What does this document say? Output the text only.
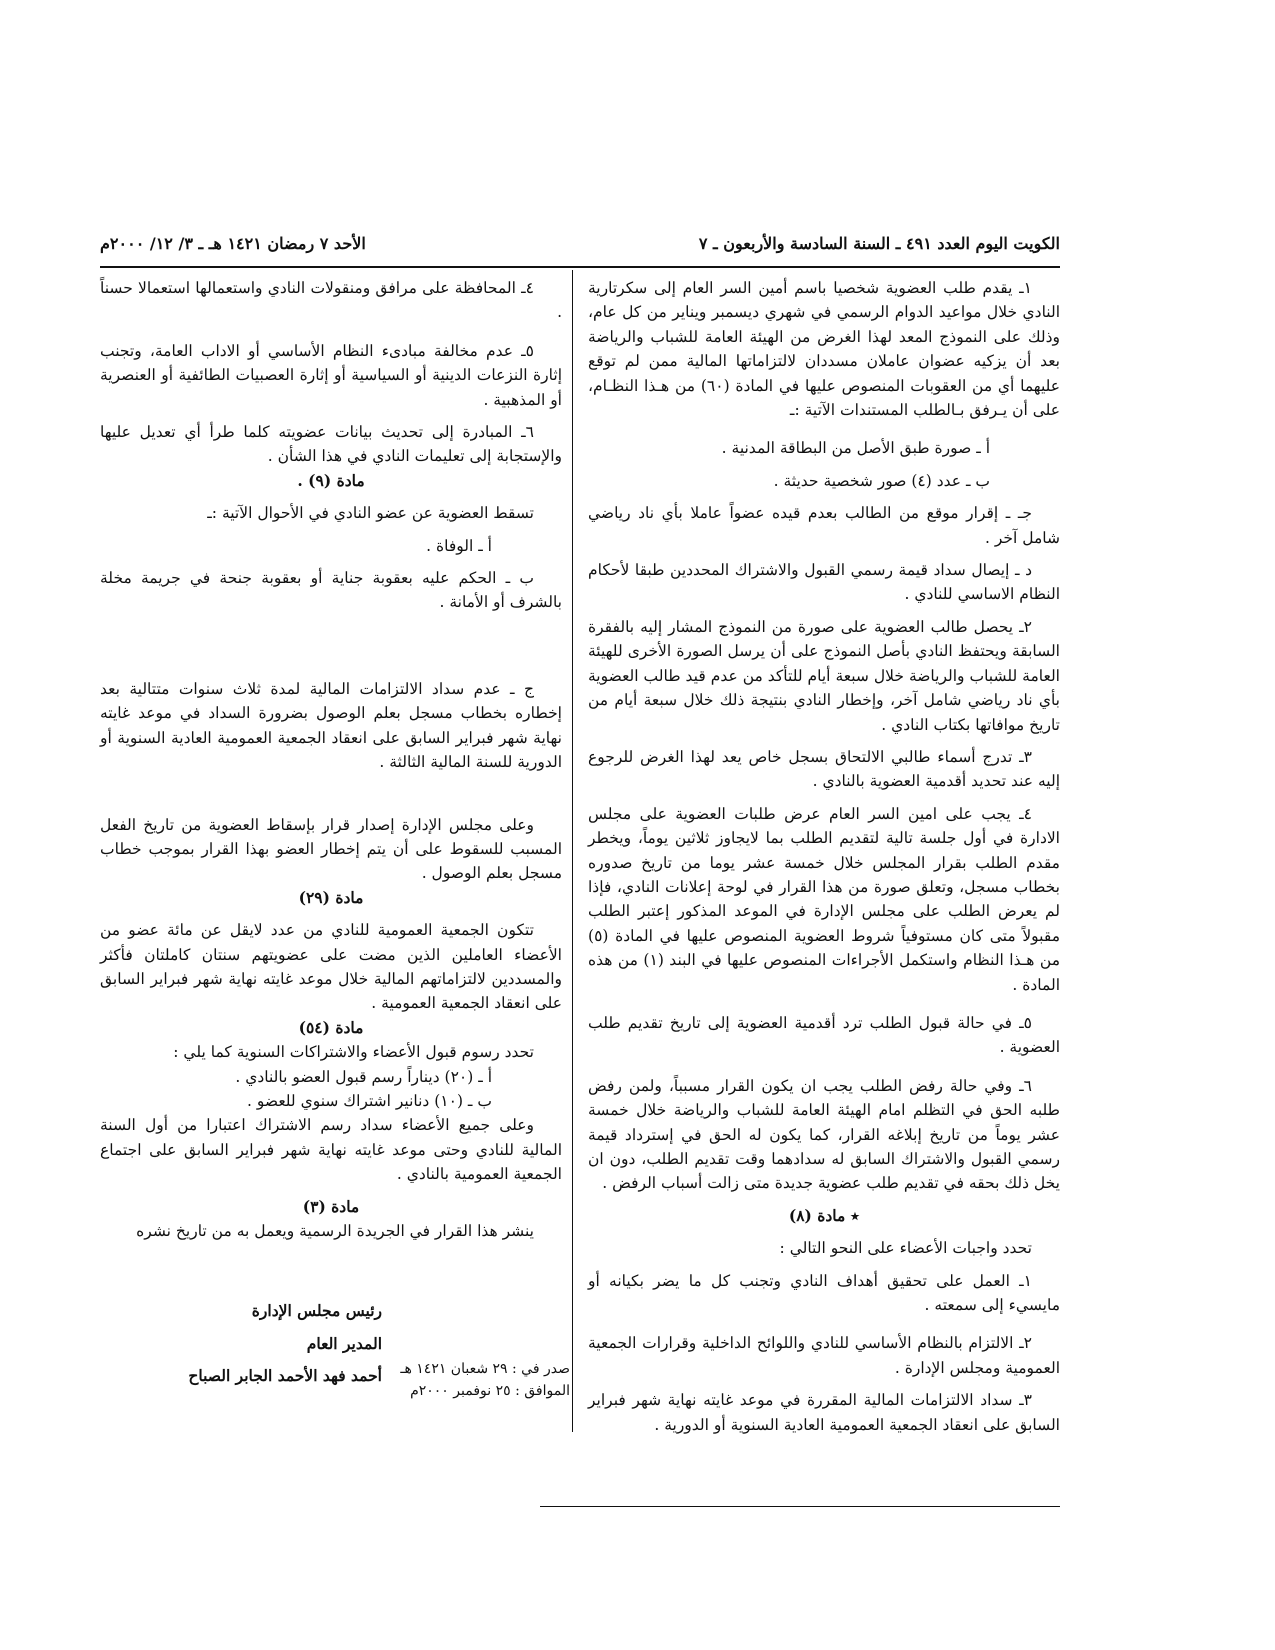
الكويت اليوم العدد ٤٩١ ـ السنة السادسة والأربعون ـ ٧
الأحد ٧ رمضان ١٤٢١ هـ ـ ٣/ ١٢/ ٢٠٠٠م

١ـ يقدم طلب العضوية شخصيا باسم أمين السر العام إلى سكرتارية النادي خلال مواعيد الدوام الرسمي في شهري ديسمبر ويناير من كل عام، وذلك على النموذج المعد لهذا الغرض من الهيئة العامة للشباب والرياضة بعد أن يزكيه عضوان عاملان مسددان لالتزاماتها المالية ممن لم توقع عليهما أي من العقوبات المنصوص عليها في المادة (٦٠) من هـذا النظـام، على أن يـرفق بـالطلب المستندات الآتية :ـ

أ ـ صورة طبق الأصل من البطاقة المدنية .

ب ـ عدد (٤) صور شخصية حديثة .

جـ ـ إقرار موقع من الطالب بعدم قيده عضواً عاملا بأي ناد رياضي شامل آخر .

د ـ إيصال سداد قيمة رسمي القبول والاشتراك المحددين طبقا لأحكام النظام الاساسي للنادي .

٢ـ يحصل طالب العضوية على صورة من النموذج المشار إليه بالفقرة السابقة ويحتفظ النادي بأصل النموذج على أن يرسل الصورة الأخرى للهيئة العامة للشباب والرياضة خلال سبعة أيام للتأكد من عدم قيد طالب العضوية بأي ناد رياضي شامل آخر، وإخطار النادي بنتيجة ذلك خلال سبعة أيام من تاريخ موافاتها بكتاب النادي .

٣ـ تدرج أسماء طالبي الالتحاق بسجل خاص يعد لهذا الغرض للرجوع إليه عند تحديد أقدمية العضوية بالنادي .

٤ـ يجب على امين السر العام عرض طلبات العضوية على مجلس الادارة في أول جلسة تالية لتقديم الطلب بما لايجاوز ثلاثين يوماً، ويخطر مقدم الطلب بقرار المجلس خلال خمسة عشر يوما من تاريخ صدوره بخطاب مسجل، وتعلق صورة من هذا القرار في لوحة إعلانات النادي، فإذا لم يعرض الطلب على مجلس الإدارة في الموعد المذكور إعتبر الطلب مقبولاً متى كان مستوفياً شروط العضوية المنصوص عليها في المادة (٥) من هـذا النظام واستكمل الأجراءات المنصوص عليها في البند (١) من هذه المادة .

٥ـ في حالة قبول الطلب ترد أقدمية العضوية إلى تاريخ تقديم طلب العضوية .

٦ـ وفي حالة رفض الطلب يجب ان يكون القرار مسبباً، ولمن رفض طلبه الحق في التظلم امام الهيئة العامة للشباب والرياضة خلال خمسة عشر يوماً من تاريخ إبلاغه القرار، كما يكون له الحق في إسترداد قيمة رسمي القبول والاشتراك السابق له سدادهما وقت تقديم الطلب، دون ان يخل ذلك بحقه في تقديم طلب عضوية جديدة متى زالت أسباب الرفض .

٭ مادة (٨)

تحدد واجبات الأعضاء على النحو التالي :

١ـ العمل على تحقيق أهداف النادي وتجنب كل ما يضر بكيانه أو مايسيء إلى سمعته .

٢ـ الالتزام بالنظام الأساسي للنادي واللوائح الداخلية وقرارات الجمعية العمومية ومجلس الإدارة .

٣ـ سداد الالتزامات المالية المقررة في موعد غايته نهاية شهر فبراير السابق على انعقاد الجمعية العمومية العادية السنوية أو الدورية .

٤ـ المحافظة على مرافق ومنقولات النادي واستعمالها استعمالا حسناً .

٥ـ عدم مخالفة مبادىء النظام الأساسي أو الاداب العامة، وتجنب إثارة النزعات الدينية أو السياسية أو إثارة العصبيات الطائفية أو العنصرية أو المذهبية .

٦ـ المبادرة إلى تحديث بيانات عضويته كلما طرأ أي تعديل عليها والإستجابة إلى تعليمات النادي في هذا الشأن .

مادة (٩) .

تسقط العضوية عن عضو النادي في الأحوال الآتية :ـ

أ ـ الوفاة .

ب ـ الحكم عليه بعقوبة جناية أو بعقوبة جنحة في جريمة مخلة بالشرف أو الأمانة .

ج ـ عدم سداد الالتزامات المالية لمدة ثلاث سنوات متتالية بعد إخطاره بخطاب مسجل بعلم الوصول بضرورة السداد في موعد غايته نهاية شهر فبراير السابق على انعقاد الجمعية العمومية العادية السنوية أو الدورية للسنة المالية الثالثة .

وعلى مجلس الإدارة إصدار قرار بإسقاط العضوية من تاريخ الفعل المسبب للسقوط على أن يتم إخطار العضو بهذا القرار بموجب خطاب مسجل بعلم الوصول .

مادة (٢٩)

تتكون الجمعية العمومية للنادي من عدد لايقل عن مائة عضو من الأعضاء العاملين الذين مضت على عضويتهم سنتان كاملتان فأكثر والمسددين لالتزاماتهم المالية خلال موعد غايته نهاية شهر فبراير السابق على انعقاد الجمعية العمومية .

مادة (٥٤)

تحدد رسوم قبول الأعضاء والاشتراكات السنوية كما يلي :

أ ـ (٢٠) ديناراً رسم قبول العضو بالنادي .

ب ـ (١٠) دنانير اشتراك سنوي للعضو .

وعلى جميع الأعضاء سداد رسم الاشتراك اعتبارا من أول السنة المالية للنادي وحتى موعد غايته نهاية شهر فبراير السابق على اجتماع الجمعية العمومية بالنادي .

مادة (٣)

ينشر هذا القرار في الجريدة الرسمية ويعمل به من تاريخ نشره

رئيس مجلس الإدارة

المدير العام

أحمد فهد الأحمد الجابر الصباح صدر في : ٢٩ شعبان ١٤٢١ هـ
الموافق : ٢٥ نوفمبر ٢٠٠٠م
